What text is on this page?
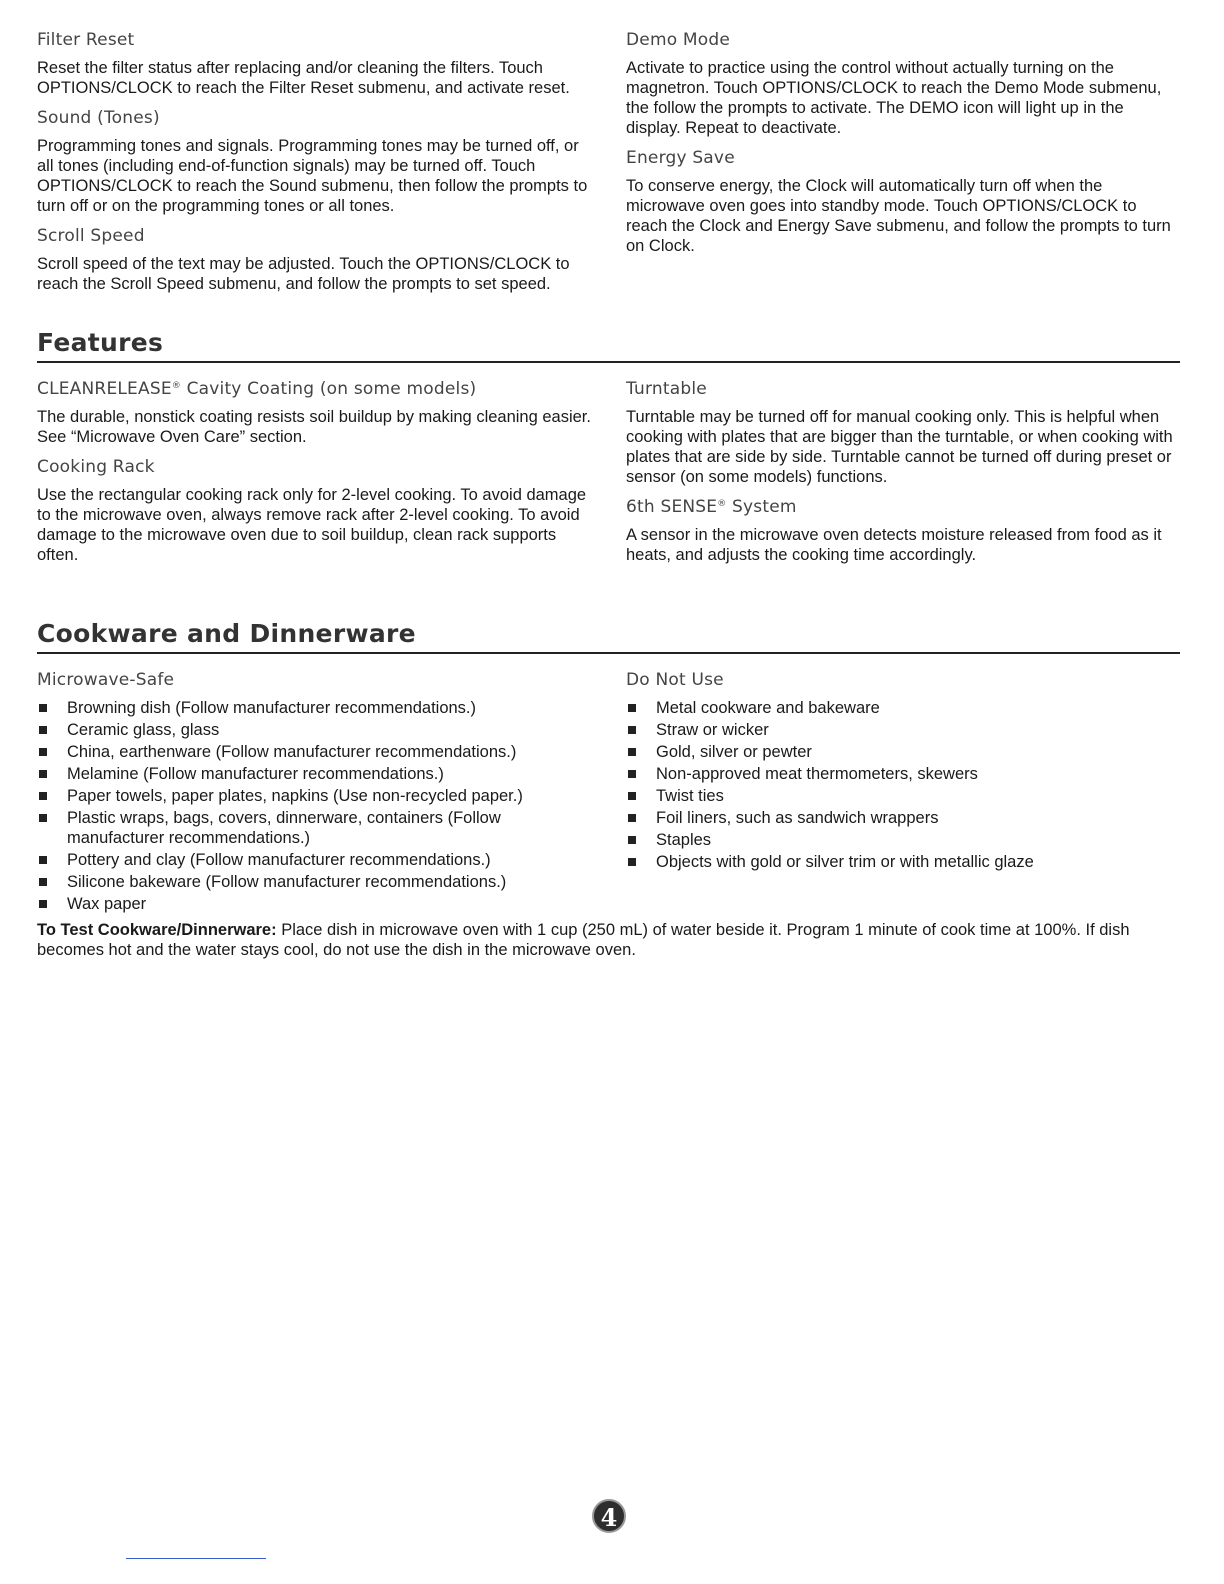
Filter Reset

Reset the filter status after replacing and/or cleaning the filters. Touch OPTIONS/CLOCK to reach the Filter Reset submenu, and activate reset.

Sound (Tones)

Programming tones and signals. Programming tones may be turned off, or all tones (including end-of-function signals) may be turned off. Touch OPTIONS/CLOCK to reach the Sound submenu, then follow the prompts to turn off or on the programming tones or all tones.

Scroll Speed

Scroll speed of the text may be adjusted. Touch the OPTIONS/CLOCK to reach the Scroll Speed submenu, and follow the prompts to set speed.

Demo Mode

Activate to practice using the control without actually turning on the magnetron. Touch OPTIONS/CLOCK to reach the Demo Mode submenu, the follow the prompts to activate. The DEMO icon will light up in the display. Repeat to deactivate.

Energy Save

To conserve energy, the Clock will automatically turn off when the microwave oven goes into standby mode. Touch OPTIONS/CLOCK to reach the Clock and Energy Save submenu, and follow the prompts to turn on Clock.

Features
CLEANRELEASE® Cavity Coating (on some models)

The durable, nonstick coating resists soil buildup by making cleaning easier. See “Microwave Oven Care” section.

Cooking Rack

Use the rectangular cooking rack only for 2-level cooking. To avoid damage to the microwave oven, always remove rack after 2-level cooking. To avoid damage to the microwave oven due to soil buildup, clean rack supports often.

Turntable

Turntable may be turned off for manual cooking only. This is helpful when cooking with plates that are bigger than the turntable, or when cooking with plates that are side by side. Turntable cannot be turned off during preset or sensor (on some models) functions.

6th SENSE® System

A sensor in the microwave oven detects moisture released from food as it heats, and adjusts the cooking time accordingly.

Cookware and Dinnerware
Microwave-Safe
Browning dish (Follow manufacturer recommendations.)
Ceramic glass, glass
China, earthenware (Follow manufacturer recommendations.)
Melamine (Follow manufacturer recommendations.)
Paper towels, paper plates, napkins (Use non-recycled paper.)
Plastic wraps, bags, covers, dinnerware, containers (Follow manufacturer recommendations.)
Pottery and clay (Follow manufacturer recommendations.)
Silicone bakeware (Follow manufacturer recommendations.)
Wax paper
Do Not Use
Metal cookware and bakeware
Straw or wicker
Gold, silver or pewter
Non-approved meat thermometers, skewers
Twist ties
Foil liners, such as sandwich wrappers
Staples
Objects with gold or silver trim or with metallic glaze

To Test Cookware/Dinnerware: Place dish in microwave oven with 1 cup (250 mL) of water beside it. Program 1 minute of cook time at 100%. If dish becomes hot and the water stays cool, do not use the dish in the microwave oven.

4
